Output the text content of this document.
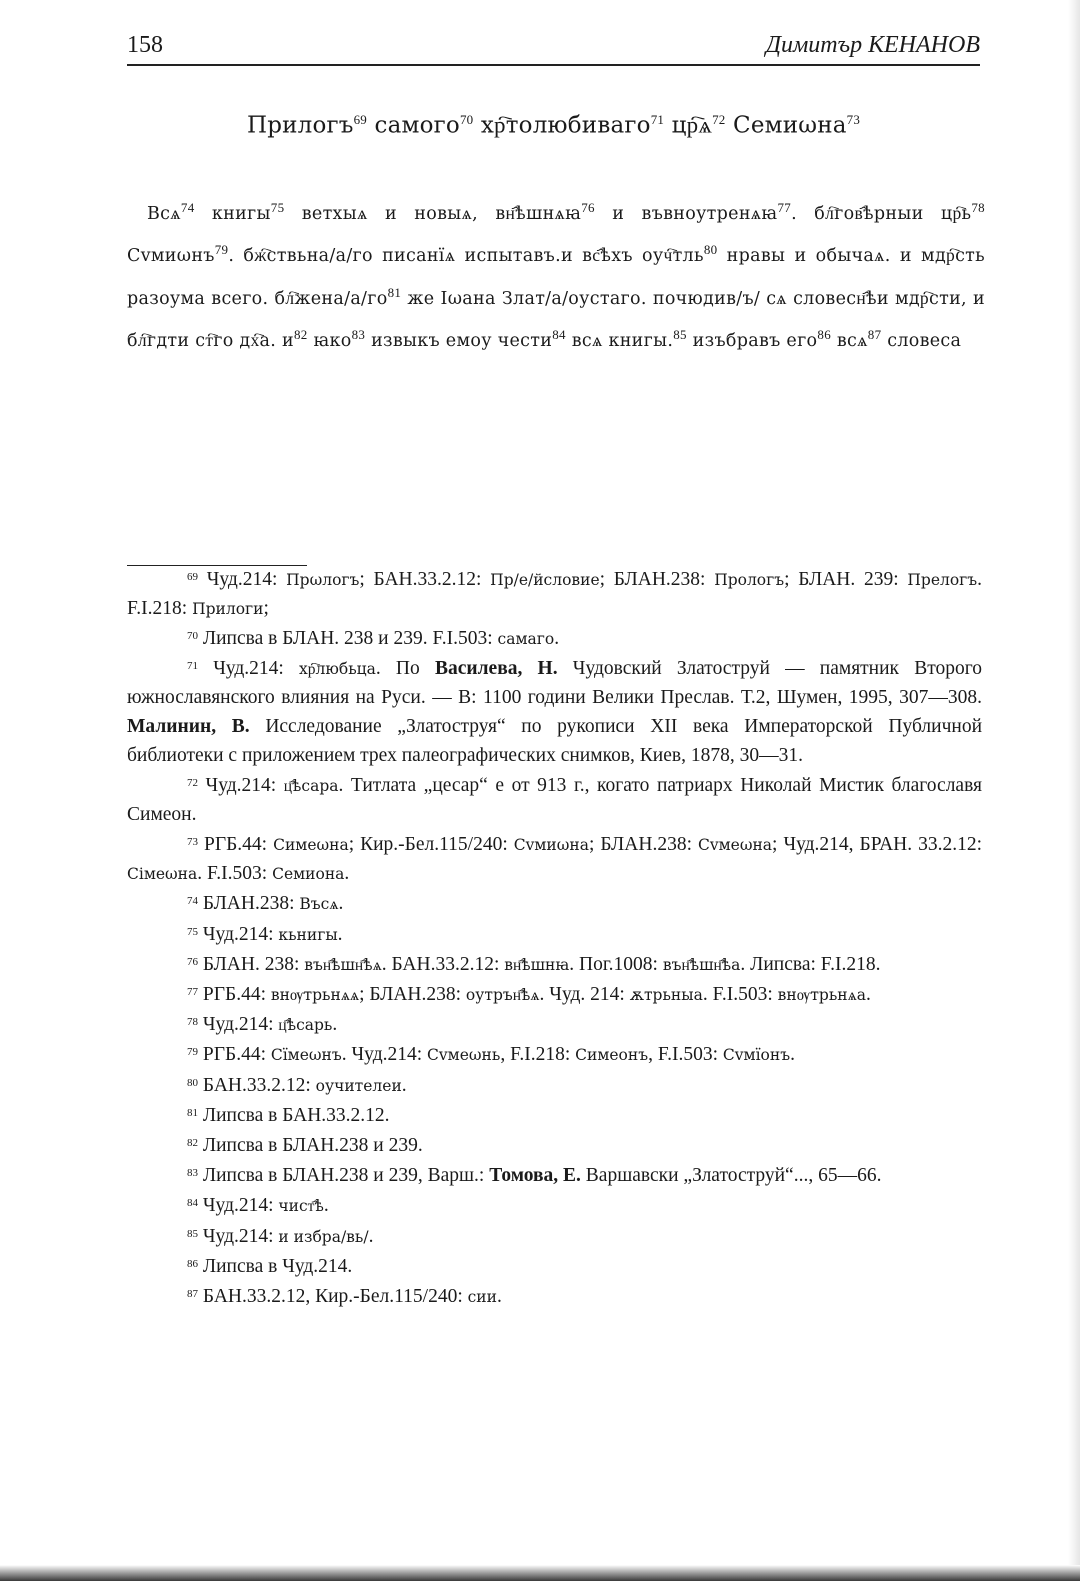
158	Димитър КЕНАНОВ
Прилогъ$^{69}$ самого$^{70}$ хр҇толюбиваго$^{71}$ $цр҇ѧ^{72}$ Семиωна$^{73}$
Всѧ$^{74}$ книгы$^{75}$ ветхыѧ и новыѧ, вн҄ѣшнѧꙗ$^{76}$ и въвноутренѧꙗ$^{77}$. бл҇гов҄ѣрныи $цр҇ь^{78}$ Сvмиωнъ$^{79}$. бж҇ствьна/а/го писанїѧ испытавъ.и вс҄ѣхъ оуч҇тль$^{80}$ нравы и обычаѧ. и мдр҇сть разоума всего. $бл҇жена/а/го^{81}$ же Іωана Злат/а/оустаго. почюдив/ъ/ сѧ словесн҄ѣи мдр҇сти, и бл҇гдти ст҇го дх҇а. $и^{82}$ ꙗко$^{83}$ извыкъ емоу чести$^{84}$ всѧ книгы.$^{85}$ изъбравъ его$^{86}$ всѧ$^{87}$ словеса

$^{69}$ Чуд.214: Прωлогъ; БАН.33.2.12: Пр/е/йсловие; БЛАН.238: Прологъ; БЛАН. 239: Прелогъ. F.I.218: Прилоги;

$^{70}$ Липсва в БЛАН. 238 и 239. F.I.503: самаго.

$^{71}$ Чуд.214: хр҇любьца. По Василева, Н. Чудовский Златоструй — памятник Второго южнославянского влияния на Руси. — В: 1100 години Велики Преслав. Т.2, Шумен, 1995, 307—308. Малинин, В. Исследование „Златоструя“ по рукописи XII века Императорской Публичной библиотеки с приложением трех палеографических снимков, Киев, 1878, 30—31.

$^{72}$ Чуд.214: ц҄ѣсара. Титлата „цесар“ е от 913 г., когато патриарх Николай Мистик благославя Симеон.

$^{73}$ РГБ.44: Симеωна; Кир.-Бел.115/240: Сvмиωна; БЛАН.238: Сvмеωна; Чуд.214, БРАН. 33.2.12: Сімеωна. F.I.503: Семиона.

$^{74}$ БЛАН.238: Въсѧ.

$^{75}$ Чуд.214: кьнигы.

$^{76}$ БЛАН. 238: вън҄ѣшн҄ѣѧ. БАН.33.2.12: вн҄ѣшнꙗ. Пог.1008: вън҄ѣшн҄ѣа. Липсва: F.I.218.

$^{77}$ РГБ.44: внѹтрьнѧѧ; БЛАН.238: оутрън҄ѣѧ. Чуд. 214: ѫтрьныа. F.I.503: внѹтрьнѧа.

$^{78}$ Чуд.214: ц҄ѣсарь.

$^{79}$ РГБ.44: Сїмеωнъ. Чуд.214: Сvмеωнь, F.I.218: Симеонъ, F.I.503: Сvмїонъ.

$^{80}$ БАН.33.2.12: оучителеи.

$^{81}$ Липсва в БАН.33.2.12.

$^{82}$ Липсва в БЛАН.238 и 239.

$^{83}$ Липсва в БЛАН.238 и 239, Варш.: Томова, Е. Варшавски „Златоструй“..., 65—66.

$^{84}$ Чуд.214: чист҄ѣ.

$^{85}$ Чуд.214: и избра/вь/.

$^{86}$ Липсва в Чуд.214.

$^{87}$ БАН.33.2.12, Кир.-Бел.115/240: сии.
